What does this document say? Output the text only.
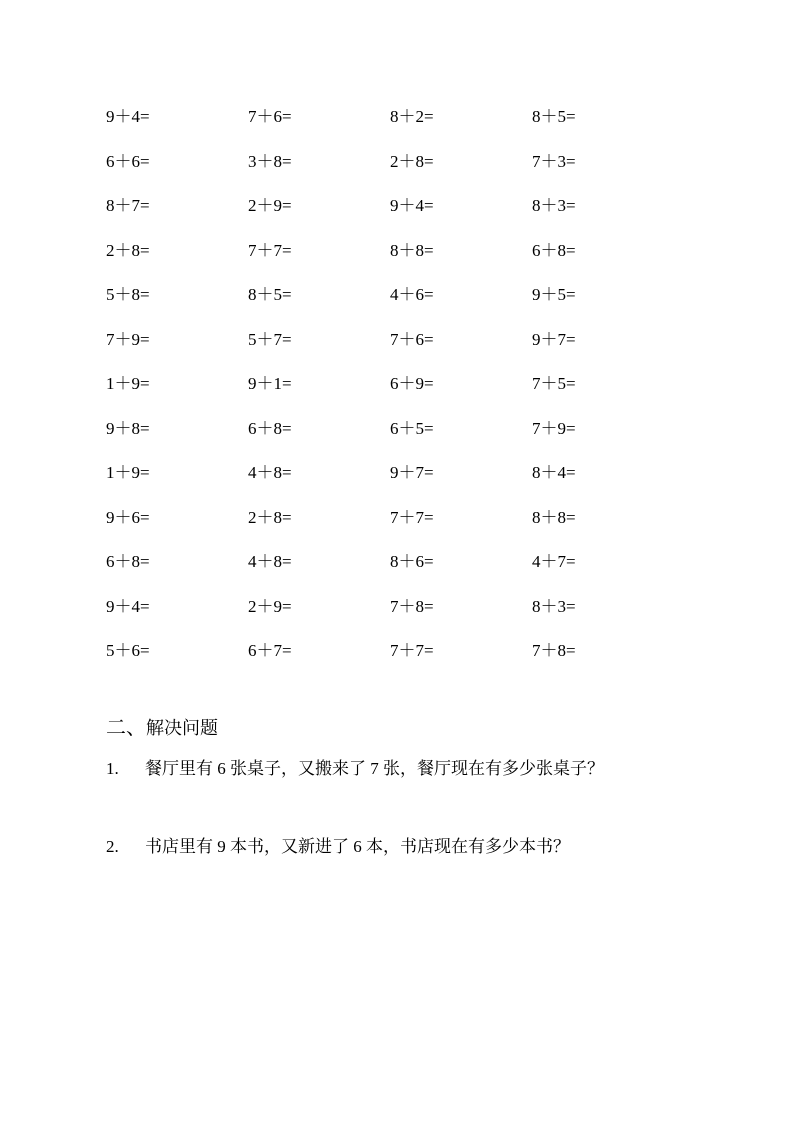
9＋4=	7＋6=	8＋2=	8＋5=
6＋6=	3＋8=	2＋8=	7＋3=
8＋7=	2＋9=	9＋4=	8＋3=
2＋8=	7＋7=	8＋8=	6＋8=
5＋8=	8＋5=	4＋6=	9＋5=
7＋9=	5＋7=	7＋6=	9＋7=
1＋9=	9＋1=	6＋9=	7＋5=
9＋8=	6＋8=	6＋5=	7＋9=
1＋9=	4＋8=	9＋7=	8＋4=
9＋6=	2＋8=	7＋7=	8＋8=
6＋8=	4＋8=	8＋6=	4＋7=
9＋4=	2＋9=	7＋8=	8＋3=
5＋6=	6＋7=	7＋7=	7＋8=
二、解决问题
1. 餐厅里有 6 张桌子，又搬来了 7 张，餐厅现在有多少张桌子？
2. 书店里有 9 本书，又新进了 6 本，书店现在有多少本书？
